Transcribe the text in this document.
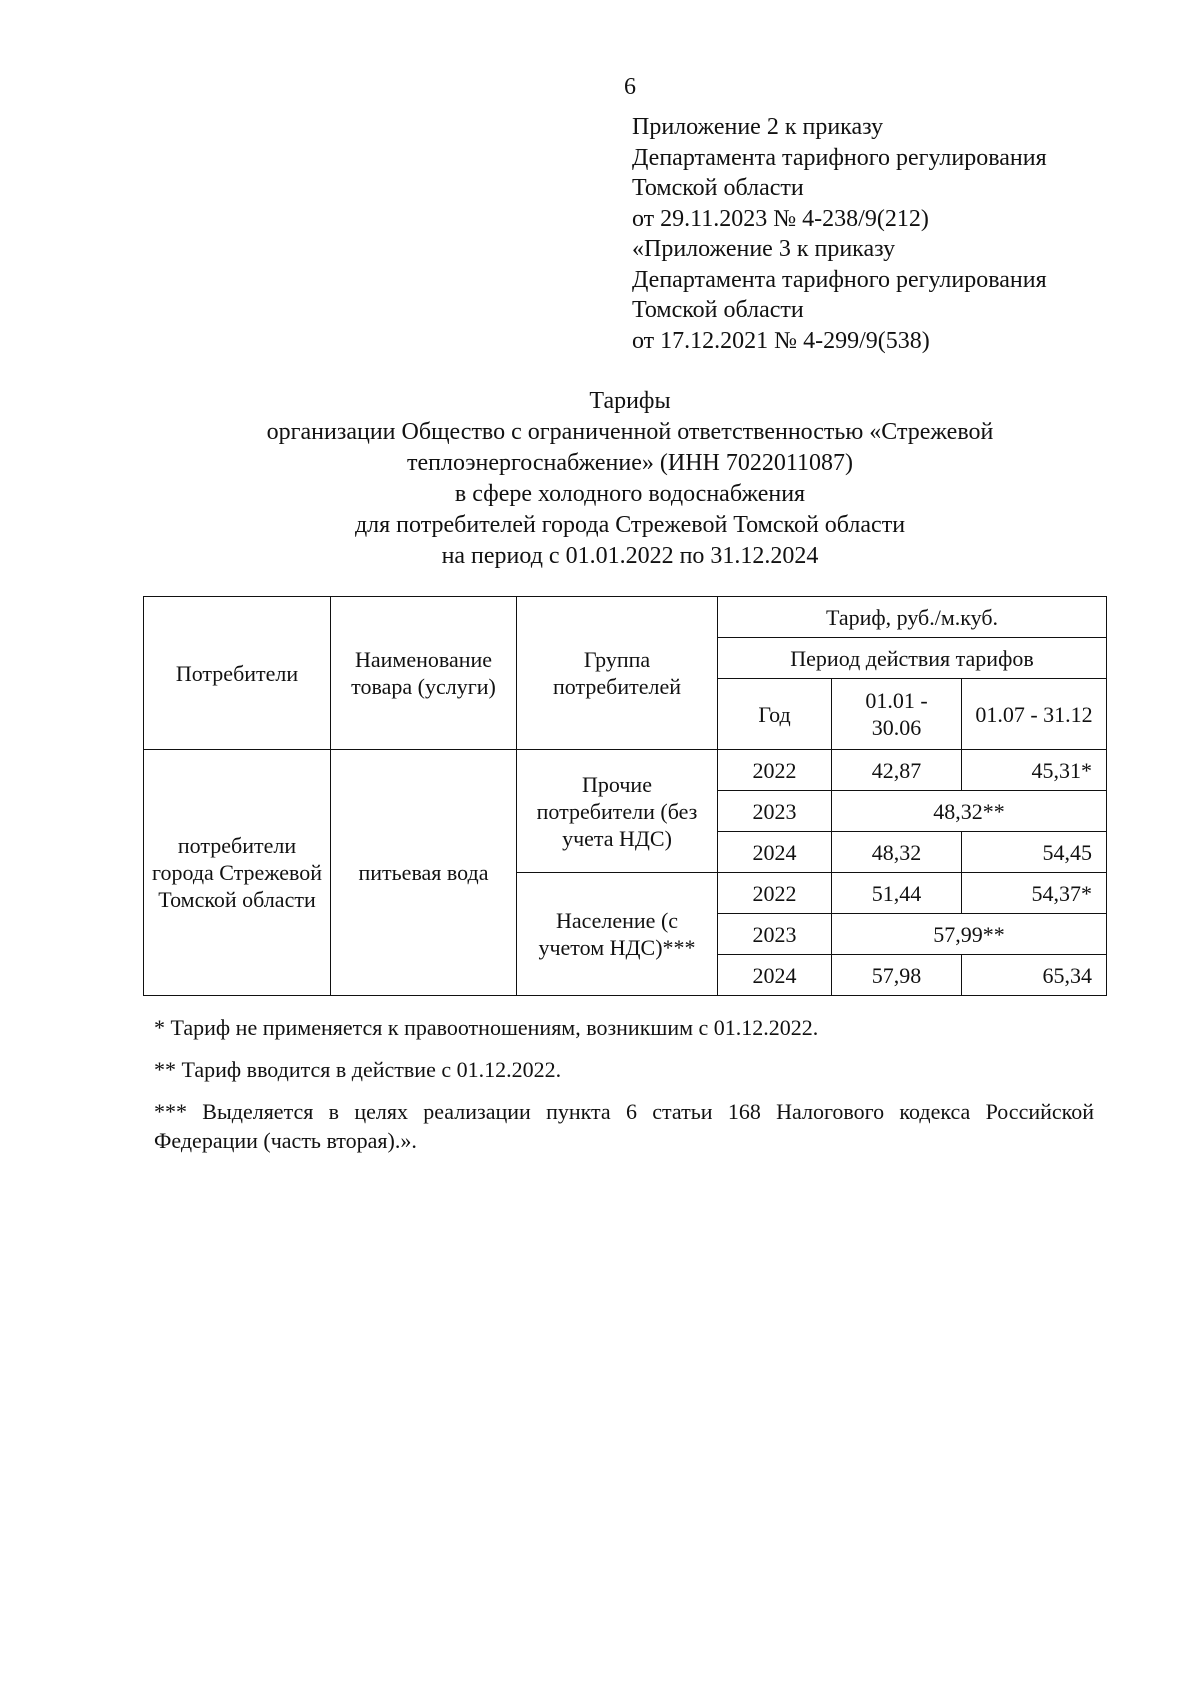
6
Приложение 2 к приказу
Департамента тарифного регулирования
Томской области
от 29.11.2023 № 4-238/9(212)
«Приложение 3 к приказу
Департамента тарифного регулирования
Томской области
от 17.12.2021 № 4-299/9(538)
Тарифы
организации Общество с ограниченной ответственностью «Стрежевой
теплоэнергоснабжение» (ИНН 7022011087)
в сфере холодного водоснабжения
для потребителей города Стрежевой Томской области
на период с 01.01.2022 по 31.12.2024
Потребители	Наименование товара (услуги)	Группа потребителей	Тариф, руб./м.куб.		
			Период действия тарифов		
			Год	01.01 - 30.06	01.07 - 31.12
потребители города Стрежевой Томской области	питьевая вода	Прочие потребители (без учета НДС)	2022	42,87	45,31*
			2023	48,32**	
			2024	48,32	54,45
		Население (с учетом НДС)***	2022	51,44	54,37*
			2023	57,99**	
			2024	57,98	65,34
* Тариф не применяется к правоотношениям, возникшим с 01.12.2022.
** Тариф вводится в действие с 01.12.2022.
*** Выделяется в целях реализации пункта 6 статьи 168 Налогового кодекса Российской Федерации (часть вторая).».
